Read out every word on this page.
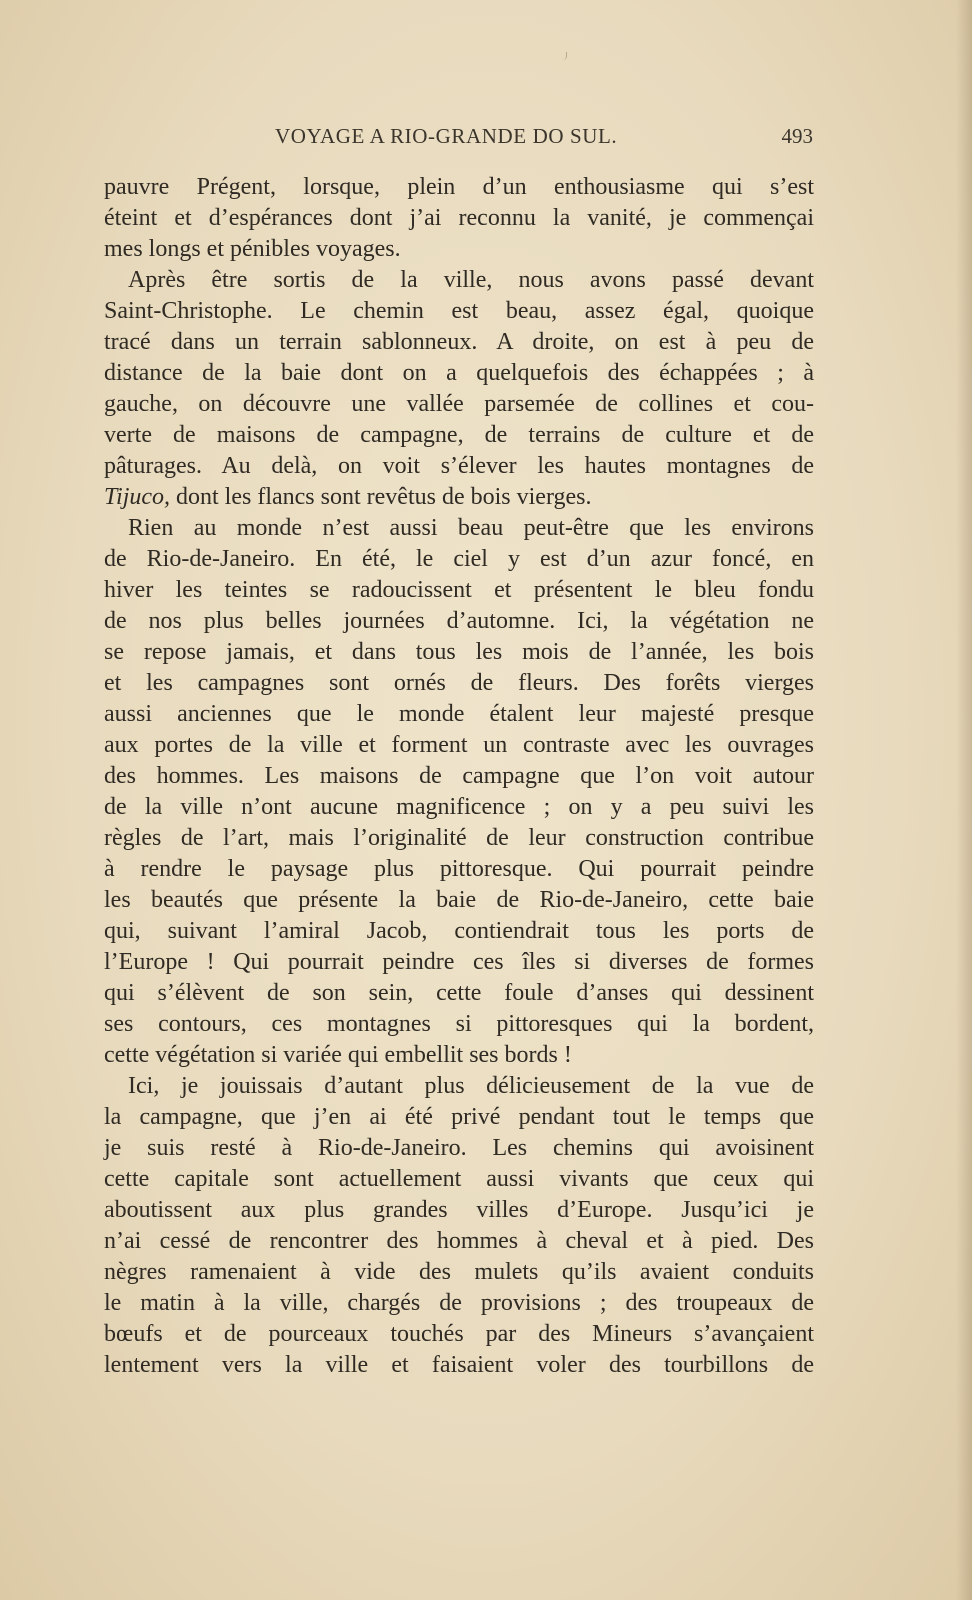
VOYAGE A RIO-GRANDE DO SUL.	493
pauvre Prégent, lorsque, plein d’un enthousiasme qui s’est
éteint et d’espérances dont j’ai reconnu la vanité, je commençai
mes longs et pénibles voyages.
Après être sortis de la ville, nous avons passé devant
Saint-Christophe. Le chemin est beau, assez égal, quoique
tracé dans un terrain sablonneux. A droite, on est à peu de
distance de la baie dont on a quelquefois des échappées ; à
gauche, on découvre une vallée parsemée de collines et cou-
verte de maisons de campagne, de terrains de culture et de
pâturages. Au delà, on voit s’élever les hautes montagnes de
Tijuco, dont les flancs sont revêtus de bois vierges.
Rien au monde n’est aussi beau peut-être que les environs
de Rio-de-Janeiro. En été, le ciel y est d’un azur foncé, en
hiver les teintes se radoucissent et présentent le bleu fondu
de nos plus belles journées d’automne. Ici, la végétation ne
se repose jamais, et dans tous les mois de l’année, les bois
et les campagnes sont ornés de fleurs. Des forêts vierges
aussi anciennes que le monde étalent leur majesté presque
aux portes de la ville et forment un contraste avec les ouvrages
des hommes. Les maisons de campagne que l’on voit autour
de la ville n’ont aucune magnificence ; on y a peu suivi les
règles de l’art, mais l’originalité de leur construction contribue
à rendre le paysage plus pittoresque. Qui pourrait peindre
les beautés que présente la baie de Rio-de-Janeiro, cette baie
qui, suivant l’amiral Jacob, contiendrait tous les ports de
l’Europe ! Qui pourrait peindre ces îles si diverses de formes
qui s’élèvent de son sein, cette foule d’anses qui dessinent
ses contours, ces montagnes si pittoresques qui la bordent,
cette végétation si variée qui embellit ses bords !
Ici, je jouissais d’autant plus délicieusement de la vue de
la campagne, que j’en ai été privé pendant tout le temps que
je suis resté à Rio-de-Janeiro. Les chemins qui avoisinent
cette capitale sont actuellement aussi vivants que ceux qui
aboutissent aux plus grandes villes d’Europe. Jusqu’ici je
n’ai cessé de rencontrer des hommes à cheval et à pied. Des
nègres ramenaient à vide des mulets qu’ils avaient conduits
le matin à la ville, chargés de provisions ; des troupeaux de
bœufs et de pourceaux touchés par des Mineurs s’avançaient
lentement vers la ville et faisaient voler des tourbillons de
